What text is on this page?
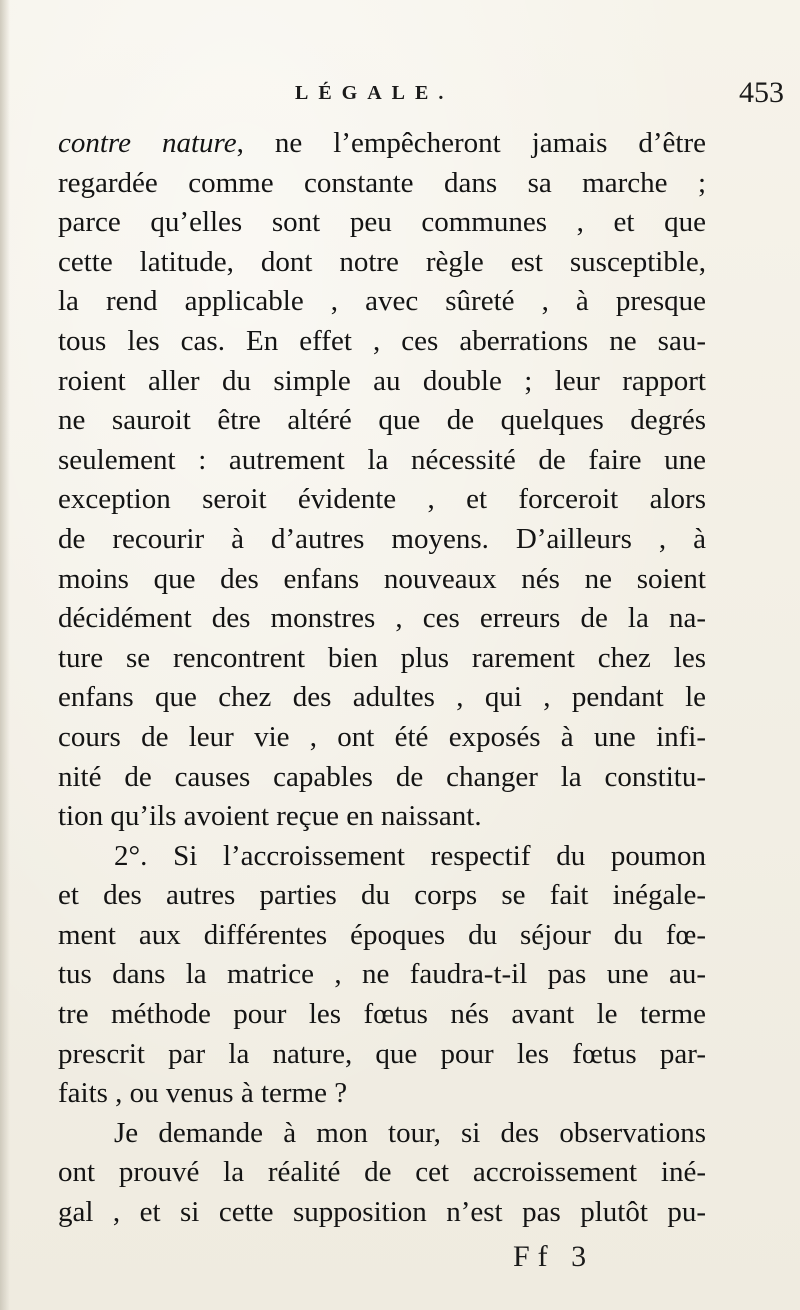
LÉGALE.	453
contre nature, ne l’empêcheront jamais d’être
regardée comme constante dans sa marche ;
parce qu’elles sont peu communes , et que
cette latitude, dont notre règle est susceptible,
la rend applicable , avec sûreté , à presque
tous les cas. En effet , ces aberrations ne sau-
roient aller du simple au double ; leur rapport
ne sauroit être altéré que de quelques degrés
seulement : autrement la nécessité de faire une
exception seroit évidente , et forceroit alors
de recourir à d’autres moyens. D’ailleurs , à
moins que des enfans nouveaux nés ne soient
décidément des monstres , ces erreurs de la na-
ture se rencontrent bien plus rarement chez les
enfans que chez des adultes , qui , pendant le
cours de leur vie , ont été exposés à une infi-
nité de causes capables de changer la constitu-
tion qu’ils avoient reçue en naissant.
2°. Si l’accroissement respectif du poumon
et des autres parties du corps se fait inégale-
ment aux différentes époques du séjour du fœ-
tus dans la matrice , ne faudra-t-il pas une au-
tre méthode pour les fœtus nés avant le terme
prescrit par la nature, que pour les fœtus par-
faits , ou venus à terme ?
Je demande à mon tour, si des observations
ont prouvé la réalité de cet accroissement iné-
gal , et si cette supposition n’est pas plutôt pu-
Ff 3
